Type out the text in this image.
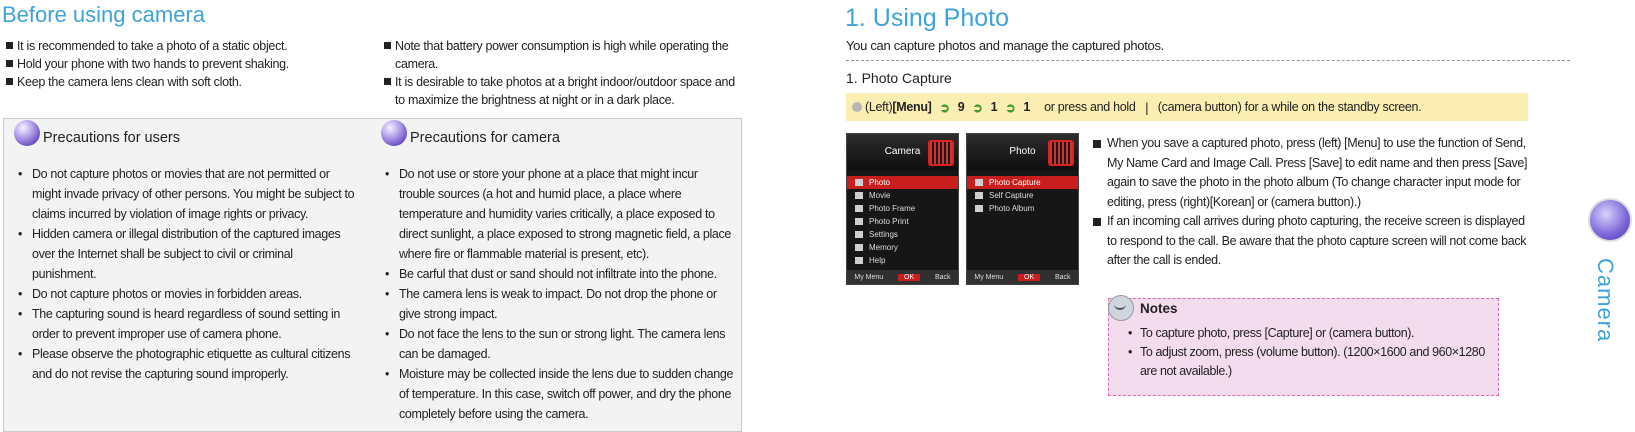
Before using camera
It is recommended to take a photo of a static object.
Hold your phone with two hands to prevent shaking.
Keep the camera lens clean with soft cloth.
Note that battery power consumption is high while operating the camera.
It is desirable to take photos at a bright indoor/outdoor space and to maximize the brightness at night or in a dark place.
Precautions for users
• Do not capture photos or movies that are not permitted or might invade privacy of other persons. You might be subject to claims incurred by violation of image rights or privacy.
• Hidden camera or illegal distribution of the captured images over the Internet shall be subject to civil or criminal punishment.
• Do not capture photos or movies in forbidden areas.
• The capturing sound is heard regardless of sound setting in order to prevent improper use of camera phone.
• Please observe the photographic etiquette as cultural citizens and do not revise the capturing sound improperly.
Precautions for camera
• Do not use or store your phone at a place that might incur trouble sources (a hot and humid place, a place where temperature and humidity varies critically, a place exposed to direct sunlight, a place exposed to strong magnetic field, a place where fire or flammable material is present, etc).
• Be carful that dust or sand should not infiltrate into the phone.
• The camera lens is weak to impact. Do not drop the phone or give strong impact.
• Do not face the lens to the sun or strong light. The camera lens can be damaged.
• Moisture may be collected inside the lens due to sudden change of temperature. In this case, switch off power, and dry the phone completely before using the camera.
1. Using Photo
You can capture photos and manage the captured photos.
1. Photo Capture
(Left) [Menu] ➲ 9 ➲ 1 ➲ 1 or press and hold ❘ (camera button) for a while on the standby screen.
Camera
Photo
Movie
Photo Frame
Photo Print
Settings
Memory
Help
My Menu	OK	Back
Photo
Photo Capture
Self Capture
Photo Album
My Menu	OK	Back
When you save a captured photo, press (left) [Menu] to use the function of Send, My Name Card and Image Call. Press [Save] to edit name and then press [Save] again to save the photo in the photo album (To change character input mode for editing, press (right)[Korean] or (camera button).)
If an incoming call arrives during photo capturing, the receive screen is displayed to respond to the call. Be aware that the photo capture screen will not come back after the call is ended.
Notes
• To capture photo, press [Capture] or (camera button).
• To adjust zoom, press (volume button). (1200×1600 and 960×1280 are not available.)
Camera
